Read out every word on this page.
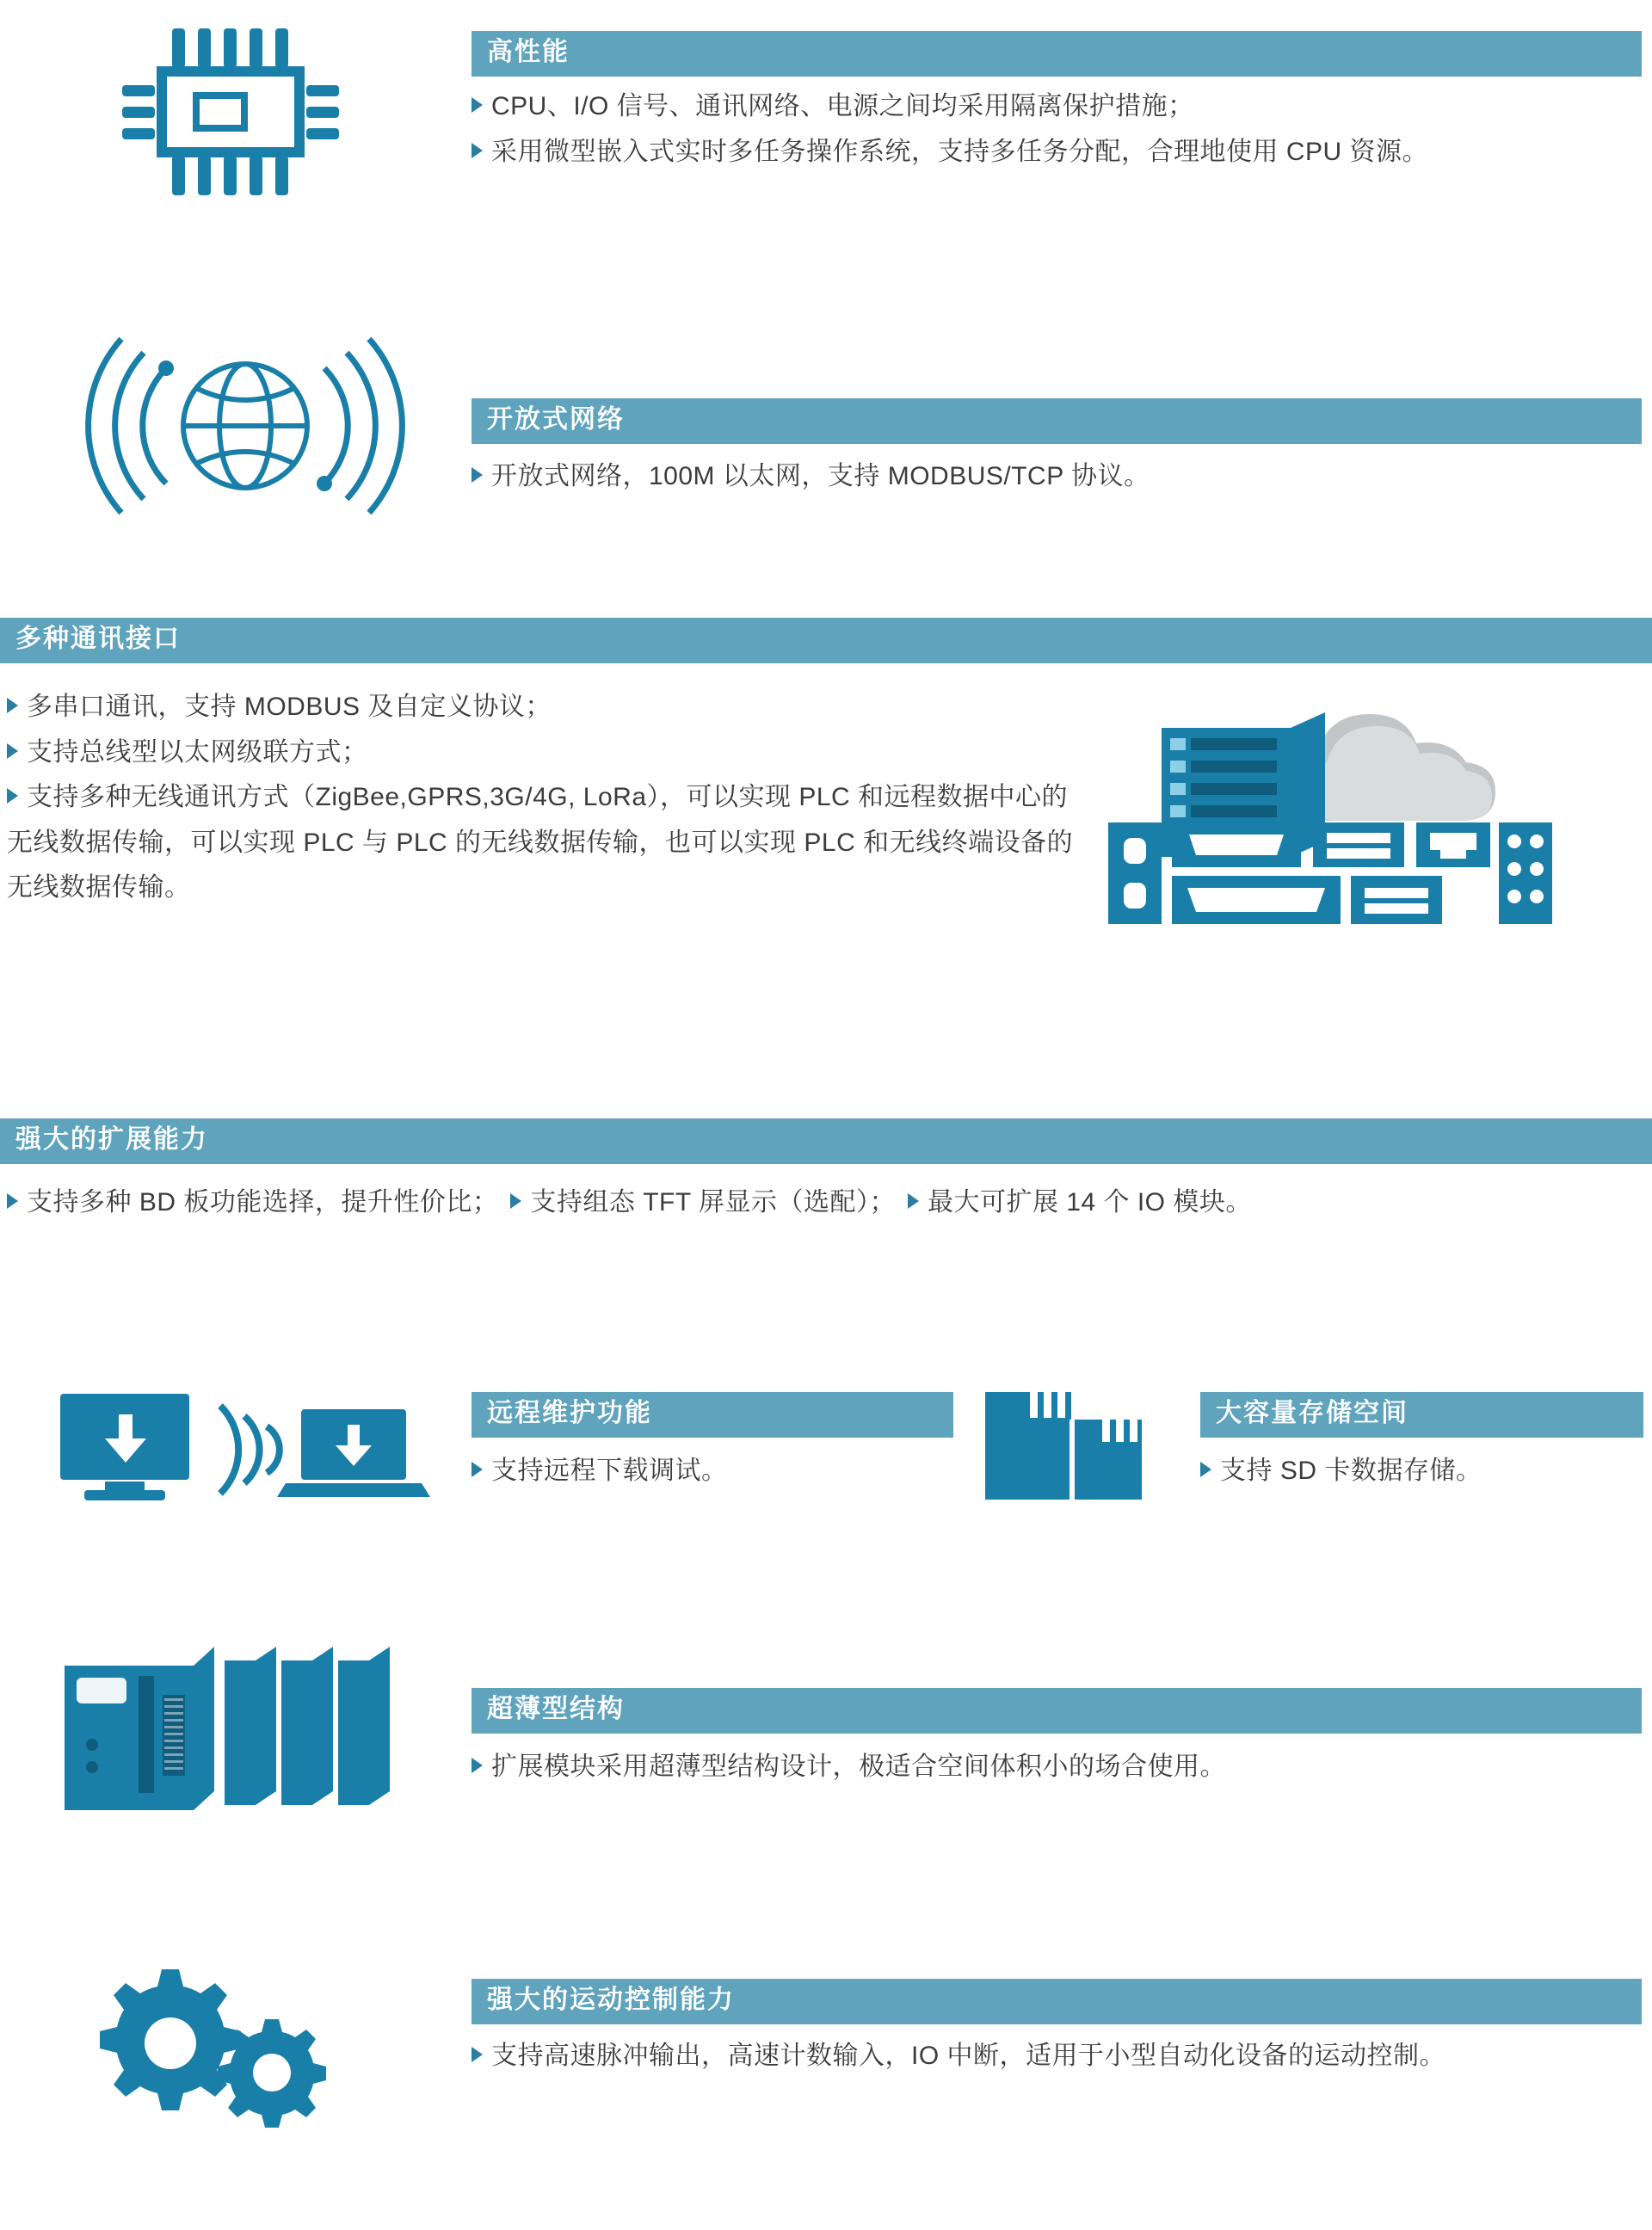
高性能
CPU、I/O 信号、通讯网络、电源之间均采用隔离保护措施；
采用微型嵌入式实时多任务操作系统，支持多任务分配，合理地使用 CPU 资源。
开放式网络
开放式网络，100M 以太网，支持 MODBUS/TCP 协议。
多种通讯接口
多串口通讯，支持 MODBUS 及自定义协议；
支持总线型以太网级联方式；
支持多种无线通讯方式（ZigBee,GPRS,3G/4G, LoRa），可以实现 PLC 和远程数据中心的无线数据传输，可以实现 PLC 与 PLC 的无线数据传输，也可以实现 PLC 和无线终端设备的无线数据传输。
强大的扩展能力
支持多种 BD 板功能选择，提升性价比；	支持组态 TFT 屏显示（选配）；	最大可扩展 14 个 IO 模块。
远程维护功能
支持远程下载调试。
大容量存储空间
支持 SD 卡数据存储。
超薄型结构
扩展模块采用超薄型结构设计，极适合空间体积小的场合使用。
强大的运动控制能力
支持高速脉冲输出，高速计数输入，IO 中断，适用于小型自动化设备的运动控制。
